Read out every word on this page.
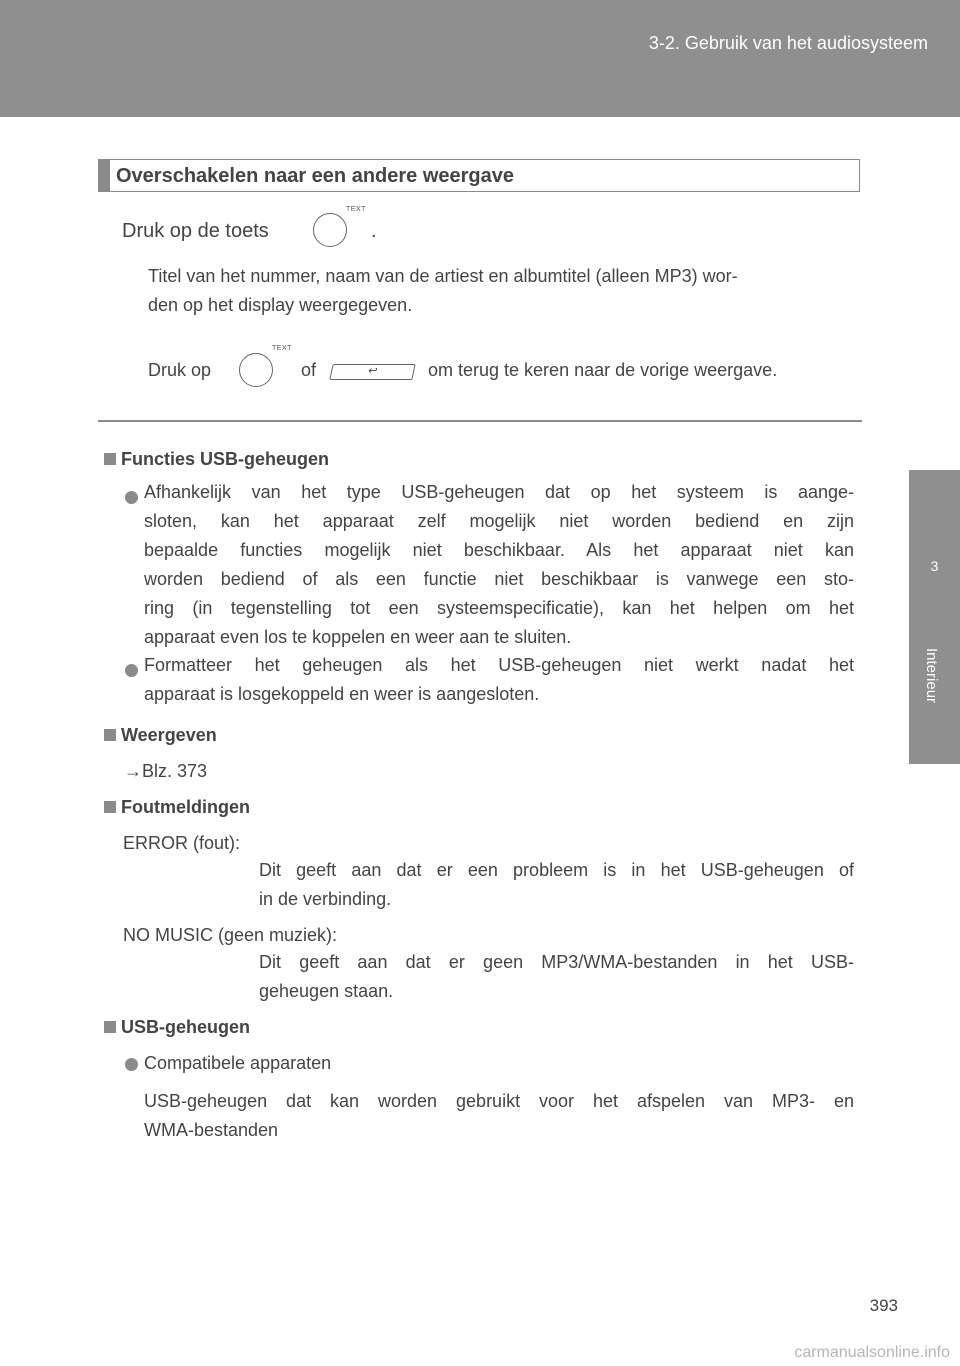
3-2. Gebruik van het audiosysteem
3
Interieur
Overschakelen naar een andere weergave
Druk op de toets
TEXT
.
Titel van het nummer, naam van de artiest en albumtitel (alleen MP3) wor-
den op het display weergegeven.
Druk op
TEXT
of	↩	om terug te keren naar de vorige weergave.
Functies USB-geheugen
Afhankelijk van het type USB-geheugen dat op het systeem is aange-
sloten, kan het apparaat zelf mogelijk niet worden bediend en zijn
bepaalde functies mogelijk niet beschikbaar. Als het apparaat niet kan
worden bediend of als een functie niet beschikbaar is vanwege een sto-
ring (in tegenstelling tot een systeemspecificatie), kan het helpen om het
apparaat even los te koppelen en weer aan te sluiten.
Formatteer het geheugen als het USB-geheugen niet werkt nadat het
apparaat is losgekoppeld en weer is aangesloten.
Weergeven
→Blz. 373
Foutmeldingen
ERROR (fout):
Dit geeft aan dat er een probleem is in het USB-geheugen of
in de verbinding.
NO MUSIC (geen muziek):
Dit geeft aan dat er geen MP3/WMA-bestanden in het USB-
geheugen staan.
USB-geheugen
Compatibele apparaten
USB-geheugen dat kan worden gebruikt voor het afspelen van MP3- en
WMA-bestanden
393
carmanualsonline.info
